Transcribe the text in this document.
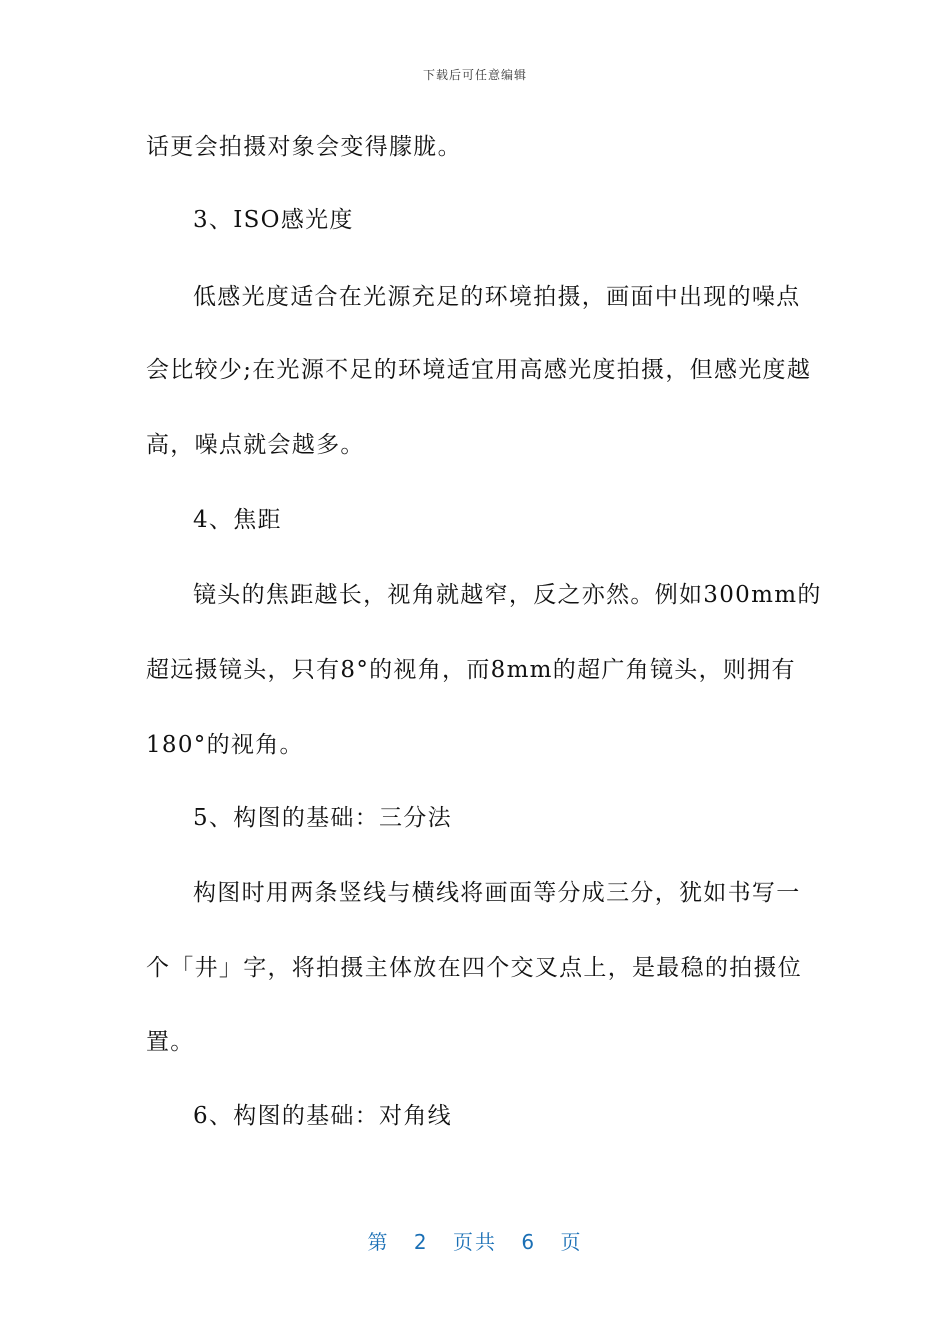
下载后可任意编辑
话更会拍摄对象会变得朦胧。
3、ISO感光度
低感光度适合在光源充足的环境拍摄，画面中出现的噪点
会比较少;在光源不足的环境适宜用高感光度拍摄，但感光度越
高，噪点就会越多。
4、焦距
镜头的焦距越长，视角就越窄，反之亦然。例如300mm的
超远摄镜头，只有8°的视角，而8mm的超广角镜头，则拥有
180°的视角。
5、构图的基础：三分法
构图时用两条竖线与横线将画面等分成三分，犹如书写一
个「井」字，将拍摄主体放在四个交叉点上，是最稳的拍摄位
置。
6、构图的基础：对角线
第 2 页共 6 页
